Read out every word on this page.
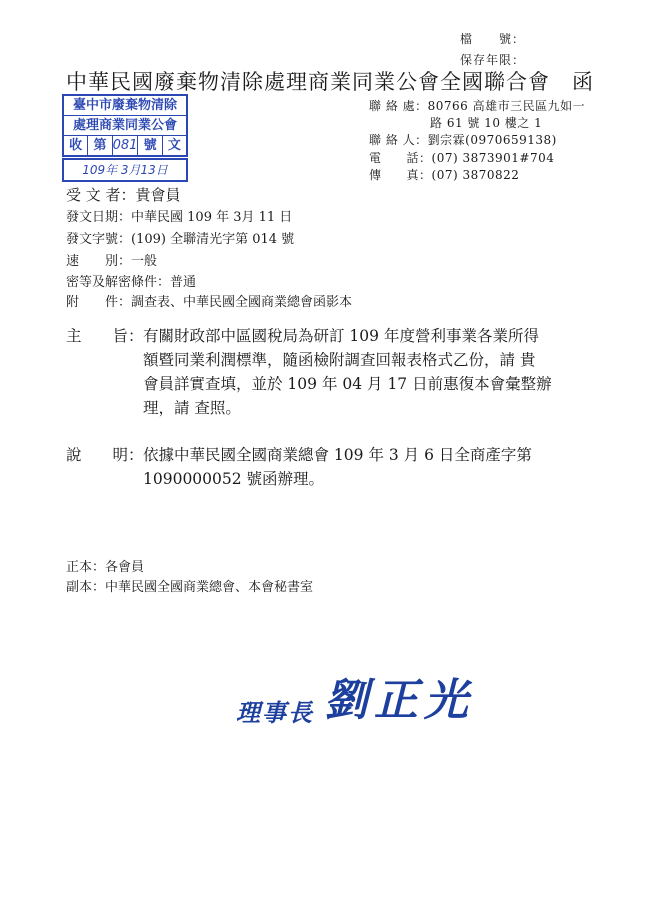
檔　　號：
保存年限：
中華民國廢棄物清除處理商業同業公會全國聯合會 函
臺中市廢棄物清除
處理商業同業公會
收 第 081 號 文
109年 3月13日
聯 絡 處：80766 高雄市三民區九如一
路 61 號 10 樓之 1
聯 絡 人：劉宗霖(0970659138)
電　　話：(07) 3873901#704
傳　　真：(07) 3870822
受 文 者：貴會員
發文日期：中華民國 109 年 3月 11 日
發文字號：(109) 全聯清光字第 014 號
速　　別：一般
密等及解密條件：普通
附　　件：調查表、中華民國全國商業總會函影本
主　　旨：有關財政部中區國稅局為研訂 109 年度營利事業各業所得
額暨同業利潤標準，隨函檢附調查回報表格式乙份，請 貴
會員詳實查填，並於 109 年 04 月 17 日前惠復本會彙整辦
理，請 查照。
說　　明：依據中華民國全國商業總會 109 年 3 月 6 日全商產字第
1090000052 號函辦理。
正本：各會員
副本：中華民國全國商業總會、本會秘書室
理事長 劉正光
